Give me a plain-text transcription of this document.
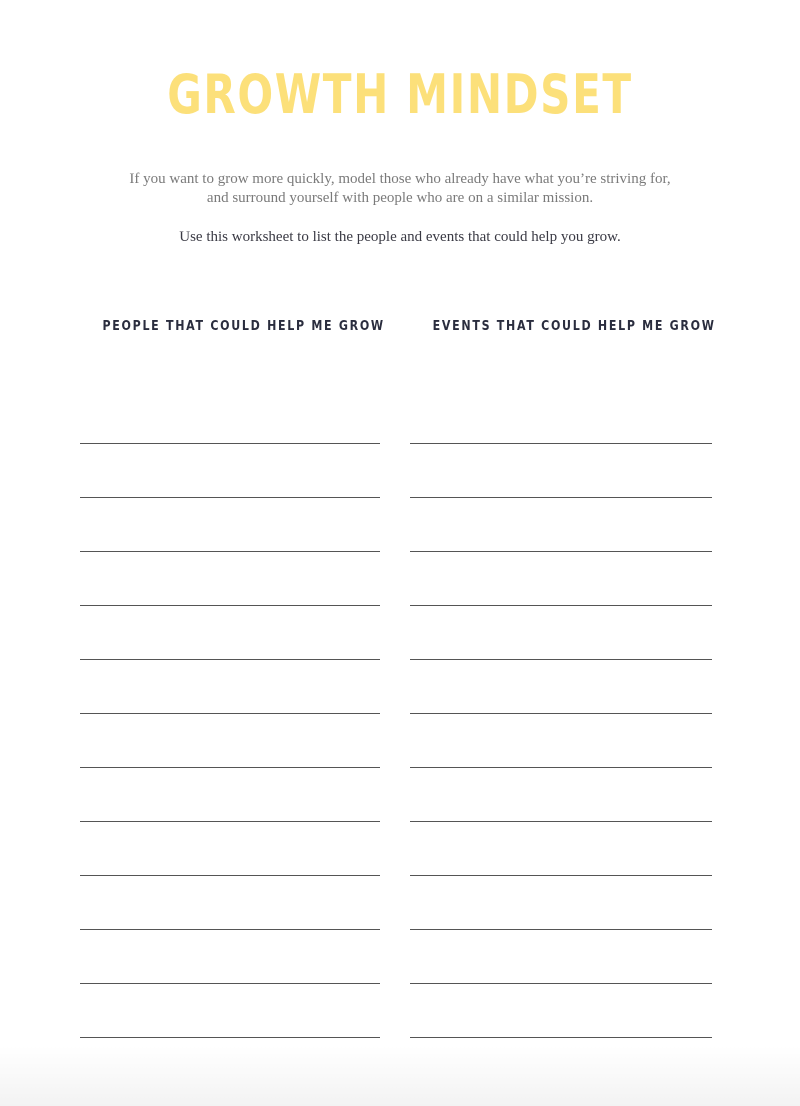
GROWTH MINDSET

If you want to grow more quickly, model those who already have what you’re striving for,
and surround yourself with people who are on a similar mission.

Use this worksheet to list the people and events that could help you grow.

PEOPLE THAT COULD HELP ME GROW	EVENTS THAT COULD HELP ME GROW
